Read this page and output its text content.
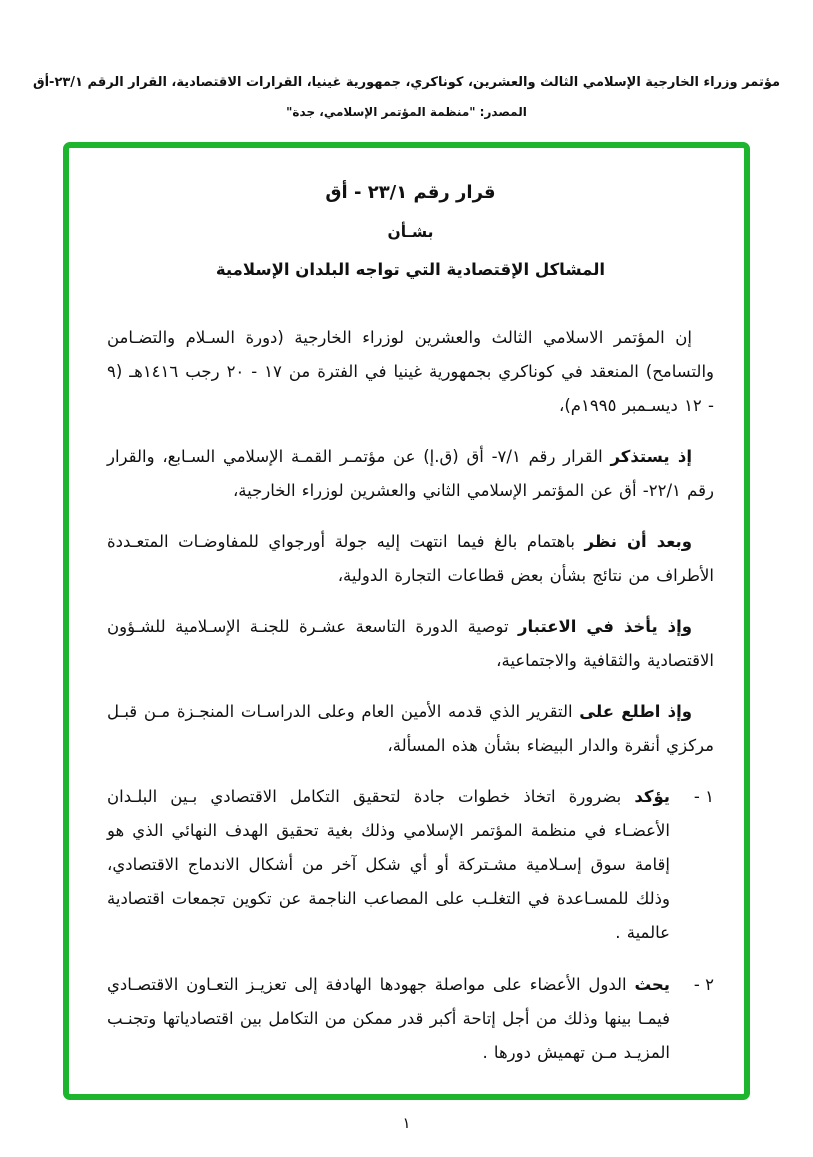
مؤتمر وزراء الخارجية الإسلامي الثالث والعشرين، كوناكري، جمهورية غينيا، القرارات الاقتصادية، القرار الرقم ٢٣/١-أق
المصدر: "منظمة المؤتمر الإسلامي، جدة"
قرار رقم ٢٣/١ - أق
بشـأن
المشاكل الإقتصادية التي تواجه البلدان الإسلامية

إن المؤتمر الاسلامي الثالث والعشرين لوزراء الخارجية (دورة السـلام والتضـامن والتسامح) المنعقد في كوناكري بجمهورية غينيا في الفترة من ١٧ - ٢٠ رجب ١٤١٦هـ (٩ - ١٢ ديسـمبر ١٩٩٥م)،

إذ يستذكر القرار رقم ٧/١- أق (ق.إ) عن مؤتمـر القمـة الإسلامي السـابع، والقرار رقم ٢٢/١- أق عن المؤتمر الإسلامي الثاني والعشرين لوزراء الخارجية،

وبعد أن نظر باهتمام بالغ فيما انتهت إليه جولة أورجواي للمفاوضـات المتعـددة الأطراف من نتائج بشأن بعض قطاعات التجارة الدولية،

وإذ يأخذ في الاعتبار توصية الدورة التاسعة عشـرة للجنـة الإسـلامية للشـؤون الاقتصادية والثقافية والاجتماعية،

وإذ اطلع على التقرير الذي قدمه الأمين العام وعلى الدراسـات المنجـزة مـن قبـل مركزي أنقرة والدار البيضاء بشأن هذه المسألة،

١ -

يؤكد بضرورة اتخاذ خطوات جادة لتحقيق التكامل الاقتصادي بـين البلـدان الأعضـاء في منظمة المؤتمر الإسلامي وذلك بغية تحقيق الهدف النهائي الذي هو إقامة سوق إسـلامية مشـتركة أو أي شكل آخر من أشكال الاندماج الاقتصادي، وذلك للمسـاعدة في التغلـب على المصاعب الناجمة عن تكوين تجمعات اقتصادية عالمية .

٢ -

يحث الدول الأعضاء على مواصلة جهودها الهادفة إلى تعزيـز التعـاون الاقتصـادي فيمـا بينها وذلك من أجل إتاحة أكبر قدر ممكن من التكامل بين اقتصادياتها وتجنـب المزيـد مـن تهميش دورها .

١
